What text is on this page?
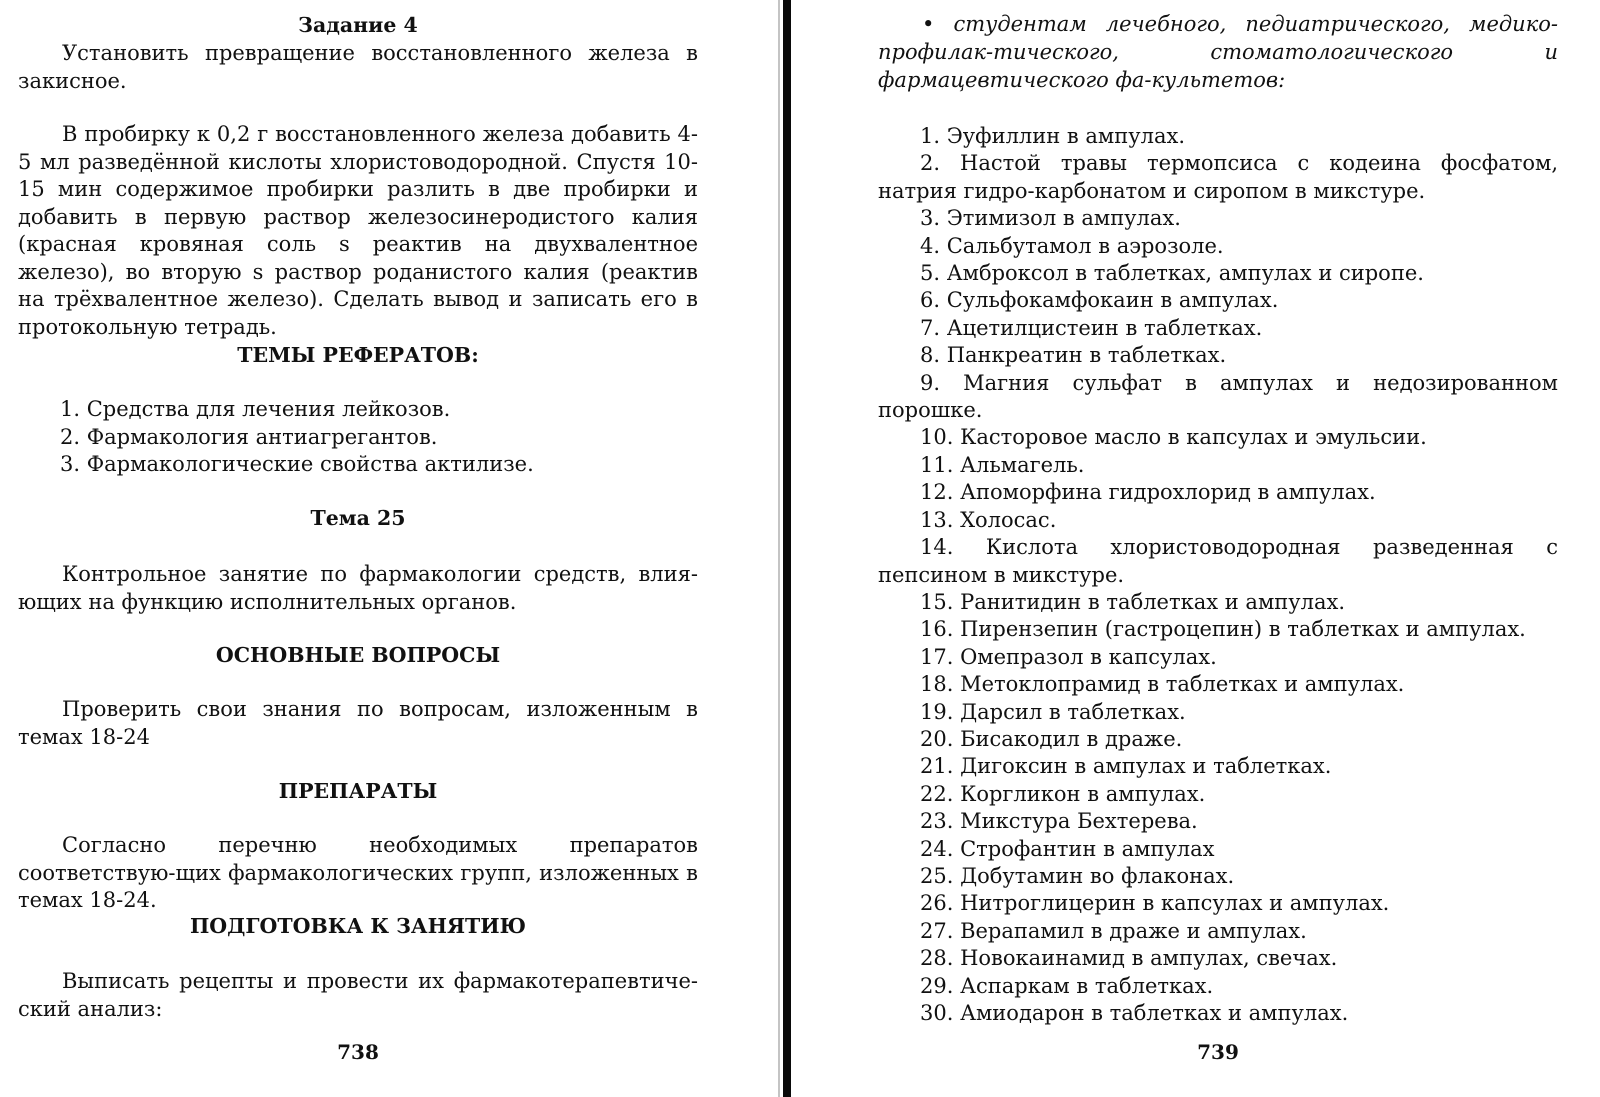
Задание 4
Установить превращение восстановленного железа в закисное.
В пробирку к 0,2 г восстановленного железа добавить 4-5 мл разведённой кислоты хлористоводородной. Спустя 10-15 мин содержимое пробирки разлить в две пробирки и добавить в первую раствор железосинеродистого калия (красная кровяная соль s реактив на двухвалентное железо), во вторую s раствор роданистого калия (реактив на трёхвалентное железо). Сделать вывод и записать его в протокольную тетрадь.
ТЕМЫ РЕФЕРАТОВ:
1. Средства для лечения лейкозов.
2. Фармакология антиагрегантов.
3. Фармакологические свойства актилизе.
Тема 25
Контрольное занятие по фармакологии средств, влия-ющих на функцию исполнительных органов.
ОСНОВНЫЕ ВОПРОСЫ
Проверить свои знания по вопросам, изложенным в темах 18-24
ПРЕПАРАТЫ
Согласно перечню необходимых препаратов соответствую-щих фармакологических групп, изложенных в темах 18-24.
ПОДГОТОВКА К ЗАНЯТИЮ
Выписать рецепты и провести их фармакотерапевтиче-ский анализ:
738
• студентам лечебного, педиатрического, медико-профилак-тического, стоматологического и фармацевтического фа-культетов:
1. Эуфиллин в ампулах.
2. Настой травы термопсиса с кодеина фосфатом, натрия гидро-карбонатом и сиропом в микстуре.
3. Этимизол в ампулах.
4. Сальбутамол в аэрозоле.
5. Амброксол в таблетках, ампулах и сиропе.
6. Сульфокамфокаин в ампулах.
7. Ацетилцистеин в таблетках.
8. Панкреатин в таблетках.
9. Магния сульфат в ампулах и недозированном порошке.
10. Касторовое масло в капсулах и эмульсии.
11. Альмагель.
12. Апоморфина гидрохлорид в ампулах.
13. Холосас.
14. Кислота хлористоводородная разведенная с пепсином в микстуре.
15. Ранитидин в таблетках и ампулах.
16. Пирензепин (гастроцепин) в таблетках и ампулах.
17. Омепразол в капсулах.
18. Метоклопрамид в таблетках и ампулах.
19. Дарсил в таблетках.
20. Бисакодил в драже.
21. Дигоксин в ампулах и таблетках.
22. Коргликон в ампулах.
23. Микстура Бехтерева.
24. Строфантин в ампулах
25. Добутамин во флаконах.
26. Нитроглицерин в капсулах и ампулах.
27. Верапамил в драже и ампулах.
28. Новокаинамид в ампулах, свечах.
29. Аспаркам в таблетках.
30. Амиодарон в таблетках и ампулах.
739
